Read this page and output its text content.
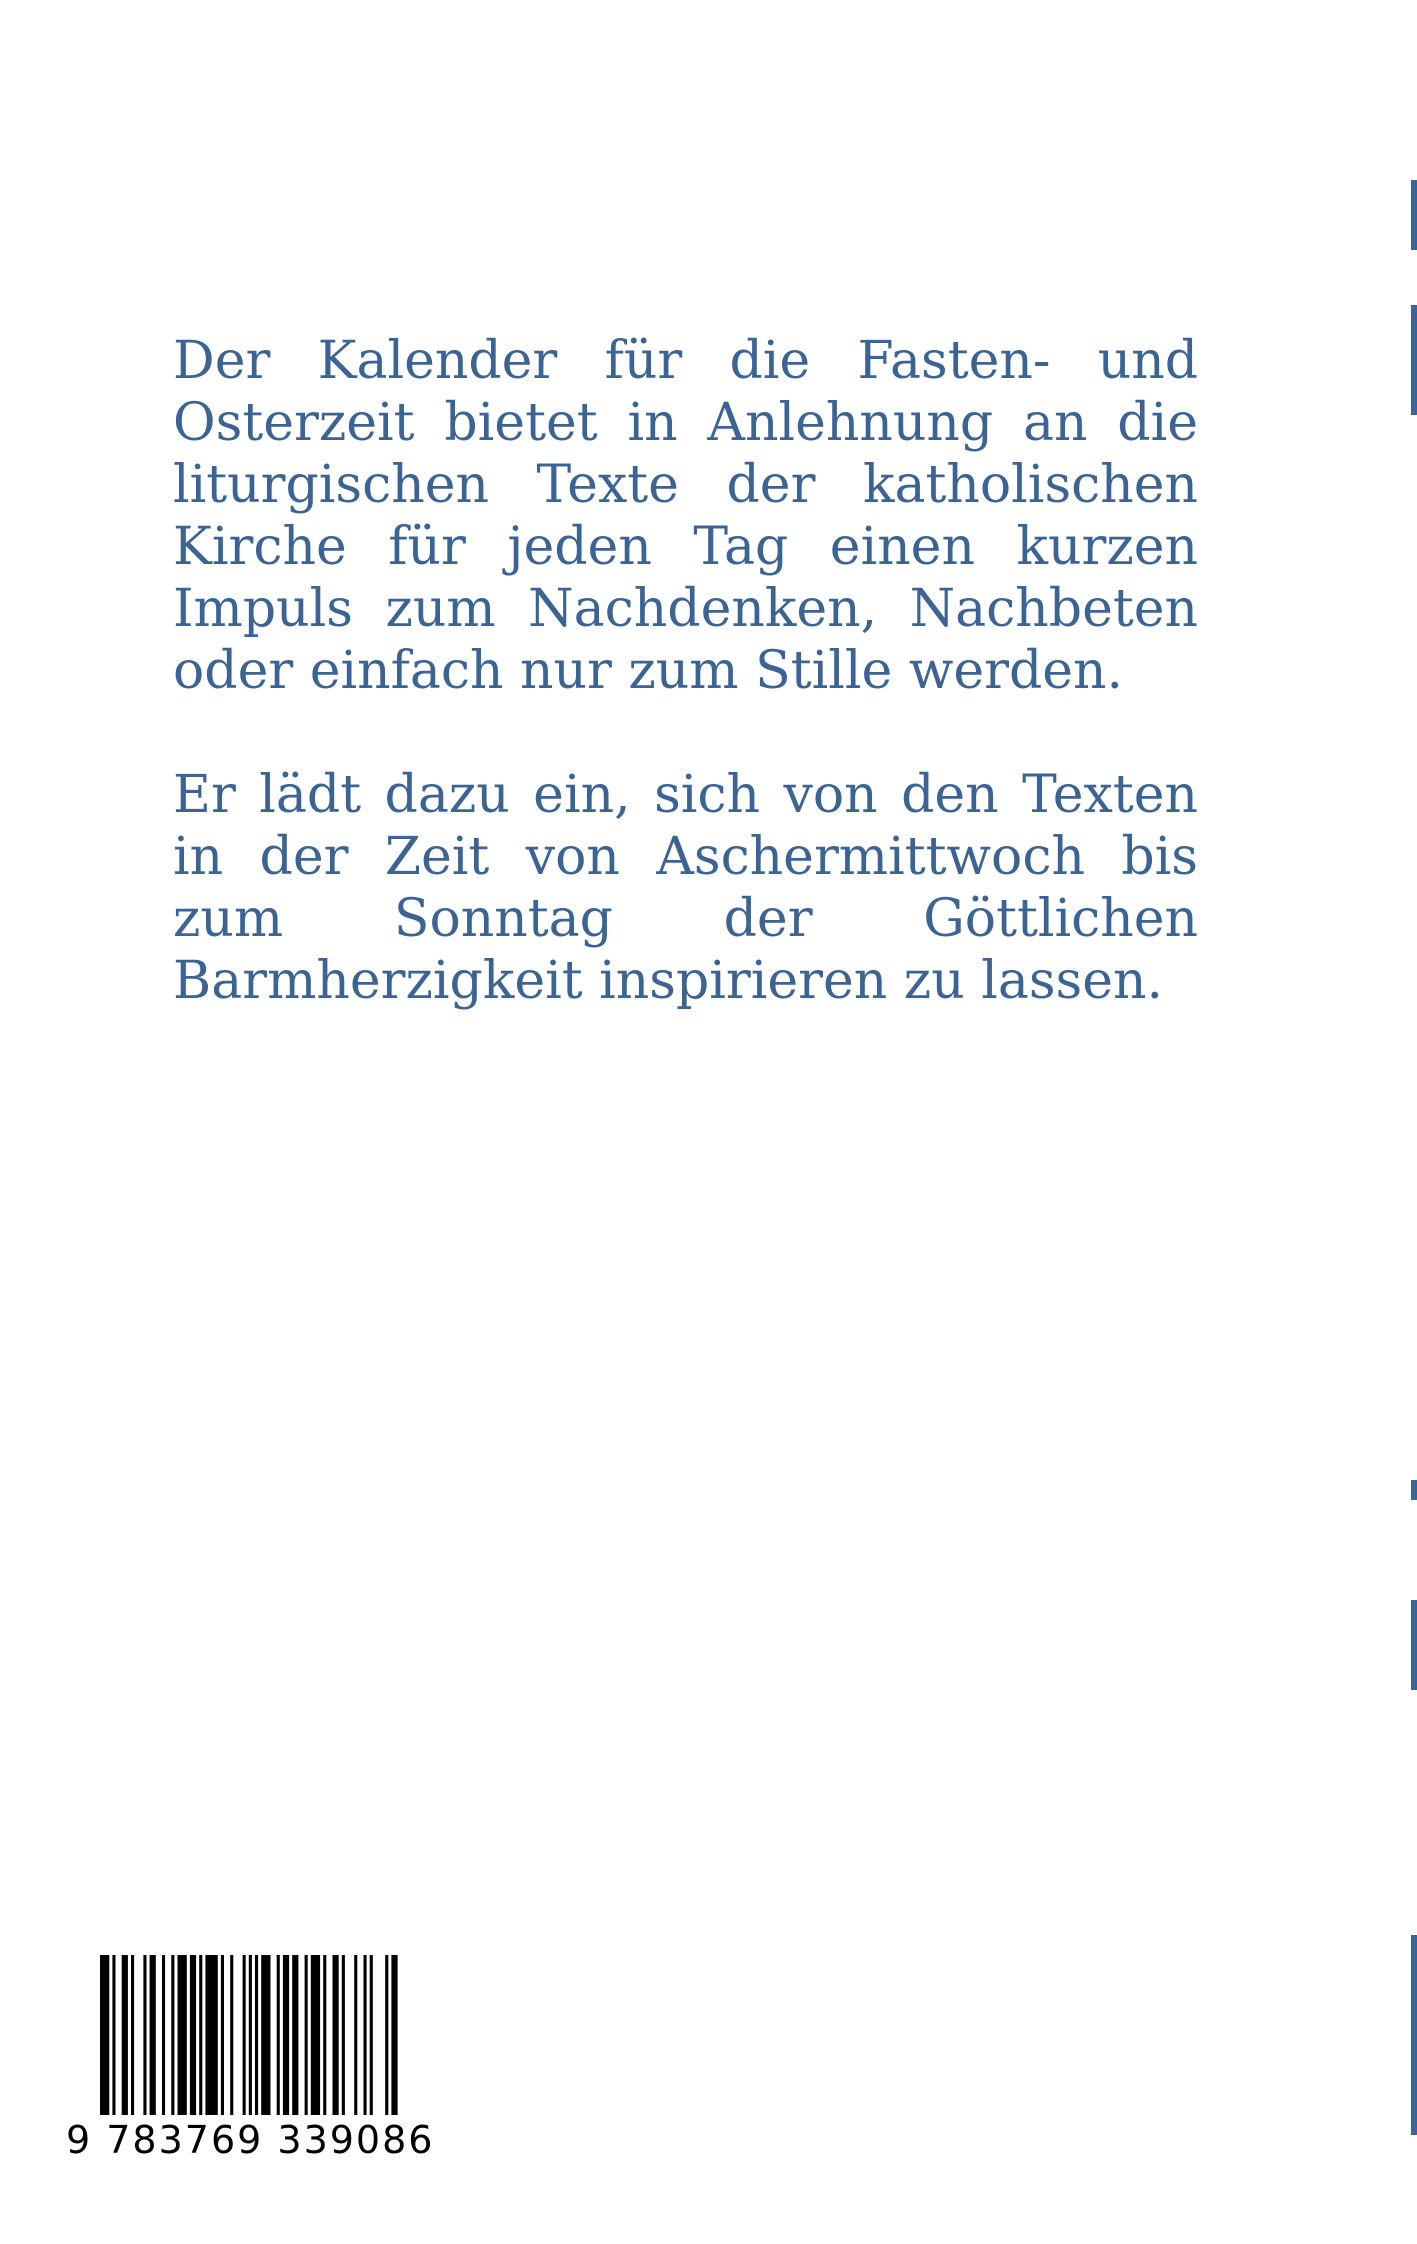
Der Kalender für die Fasten- und Osterzeit bietet in Anlehnung an die liturgischen Texte der katholischen Kirche für jeden Tag einen kurzen Impuls zum Nachdenken, Nachbeten oder einfach nur zum Stille werden.

Er lädt dazu ein, sich von den Texten in der Zeit von Aschermittwoch bis zum Sonntag der Göttlichen Barmherzigkeit inspirieren zu lassen.

9 783769 339086
